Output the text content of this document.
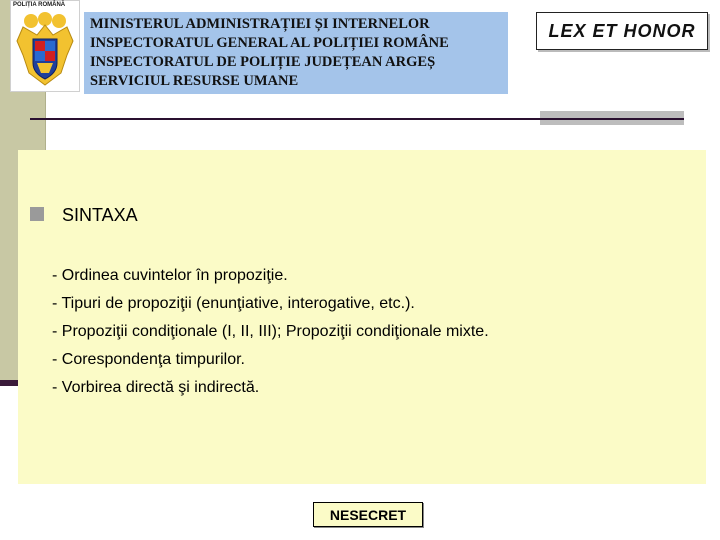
POLIȚIA ROMÂNĂ
MINISTERUL ADMINISTRAȚIEI ȘI INTERNELOR
INSPECTORATUL GENERAL AL POLIȚIEI ROMÂNE
INSPECTORATUL DE POLIȚIE JUDEȚEAN ARGEȘ
SERVICIUL RESURSE UMANE
LEX ET HONOR
SINTAXA
- Ordinea cuvintelor în propoziţie.
- Tipuri de propoziţii (enunţiative, interogative, etc.).
- Propoziţii condiţionale (I, II, III); Propoziţii condiţionale mixte.
- Corespondenţa timpurilor.
- Vorbirea directă şi indirectă.
NESECRET
